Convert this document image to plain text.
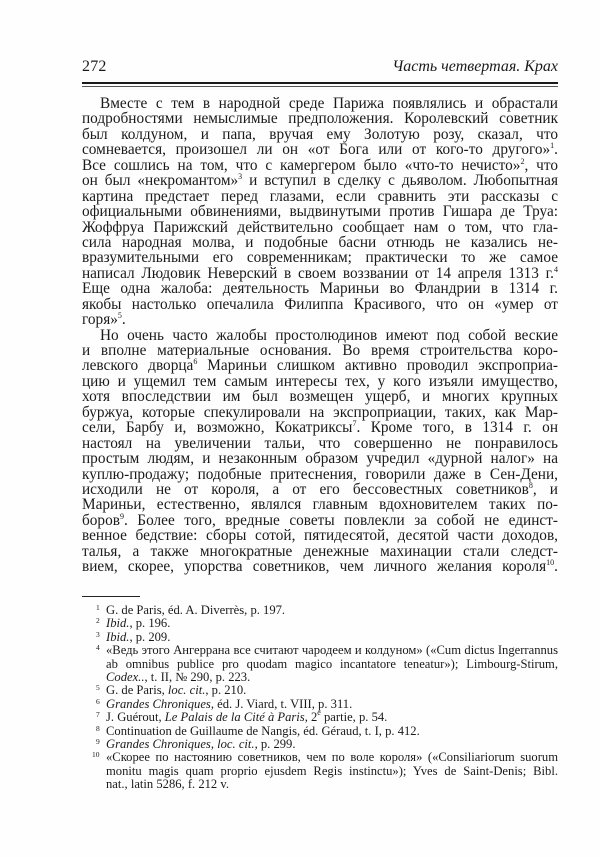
272	Часть четвертая. Крах
Вместе с тем в народной среде Парижа появлялись и обрастали
подробностями немыслимые предположения. Королевский советник
был колдуном, и папа, вручая ему Золотую розу, сказал, что
сомневается, произошел ли он «от Бога или от кого-то другого»$^1$.
Все сошлись на том, что с камергером было «что-то нечисто»$^2$, что
он был «некромантом»$^3$ и вступил в сделку с дьяволом. Любопытная
картина предстает перед глазами, если сравнить эти рассказы с
официальными обвинениями, выдвинутыми против Гишара де Труа:
Жоффруа Парижский действительно сообщает нам о том, что гла-
сила народная молва, и подобные басни отнюдь не казались не-
вразумительными его современникам; практически то же самое
написал Людовик Неверский в своем воззвании от 14 апреля 1313 г.$^4$
Еще одна жалоба: деятельность Мариньи во Фландрии в 1314 г.
якобы настолько опечалила Филиппа Красивого, что он «умер от
горя»$^5$.
Но очень часто жалобы простолюдинов имеют под собой веские
и вполне материальные основания. Во время строительства коро-
левского дворца$^6$ Мариньи слишком активно проводил экспроприа-
цию и ущемил тем самым интересы тех, у кого изъяли имущество,
хотя впоследствии им был возмещен ущерб, и многих крупных
буржуа, которые спекулировали на экспроприации, таких, как Мар-
сели, Барбу и, возможно, Кокатриксы$^7$. Кроме того, в 1314 г. он
настоял на увеличении тальи, что совершенно не понравилось
простым людям, и незаконным образом учредил «дурной налог» на
куплю-продажу; подобные притеснения, говорили даже в Сен-Дени,
исходили не от короля, а от его бессовестных советников$^8$, и
Мариньи, естественно, являлся главным вдохновителем таких по-
боров$^9$. Более того, вредные советы повлекли за собой не единст-
венное бедствие: сборы сотой, пятидесятой, десятой части доходов,
талья, а также многократные денежные махинации стали следст-
вием, скорее, упорства советников, чем личного желания короля$^{10}$.
1 G. de Paris, éd. A. Diverrès, p. 197.
2 Ibid., p. 196.
3 Ibid., p. 209.
4 «Ведь этого Ангеррана все считают чародеем и колдуном» («Cum dictus Ingerrannus
ab omnibus publice pro quodam magico incantatore teneatur»); Limbourg-Stirum,
Codex.., t. II, № 290, p. 223.
5 G. de Paris, loc. cit., p. 210.
6 Grandes Chroniques, éd. J. Viard, t. VIII, p. 311.
7 J. Guérout, Le Palais de la Cité à Paris, 2e partie, p. 54.
8 Continuation de Guillaume de Nangis, éd. Géraud, t. I, p. 412.
9 Grandes Chroniques, loc. cit., p. 299.
10 «Скорее по настоянию советников, чем по воле короля» («Consiliariorum suorum
monitu magis quam proprio ejusdem Regis instinctu»); Yves de Saint-Denis; Bibl.
nat., latin 5286, f. 212 v.
